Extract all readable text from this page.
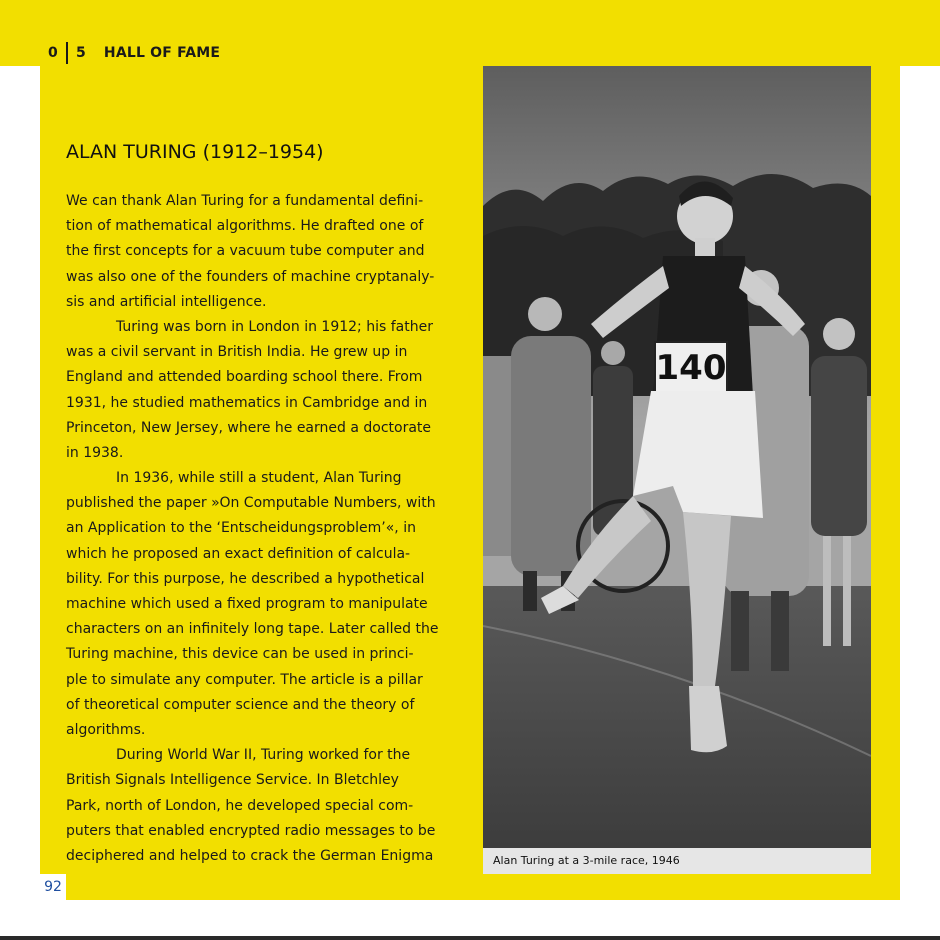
0	5	HALL OF FAME
ALAN TURING (1912–1954)
We can thank Alan Turing for a fundamental defini-
tion of mathematical algorithms. He drafted one of
the first concepts for a vacuum tube computer and
was also one of the founders of machine cryptanaly-
sis and artificial intelligence.
Turing was born in London in 1912; his father
was a civil servant in British India. He grew up in
England and attended boarding school there. From
1931, he studied mathematics in Cambridge and in
Princeton, New Jersey, where he earned a doctorate
in 1938.
In 1936, while still a student, Alan Turing
published the paper »On Computable Numbers, with
an Application to the ‘Entscheidungsproblem’«, in
which he proposed an exact definition of calcula-
bility. For this purpose, he described a hypothetical
machine which used a fixed program to manipulate
characters on an infinitely long tape. Later called the
Turing machine, this device can be used in princi-
ple to simulate any computer. The article is a pillar
of theoretical computer science and the theory of
algorithms.
During World War II, Turing worked for the
British Signals Intelligence Service. In Bletchley
Park, north of London, he developed special com-
puters that enabled encrypted radio messages to be
deciphered and helped to crack the German Enigma
140
Alan Turing at a 3-mile race, 1946
92
